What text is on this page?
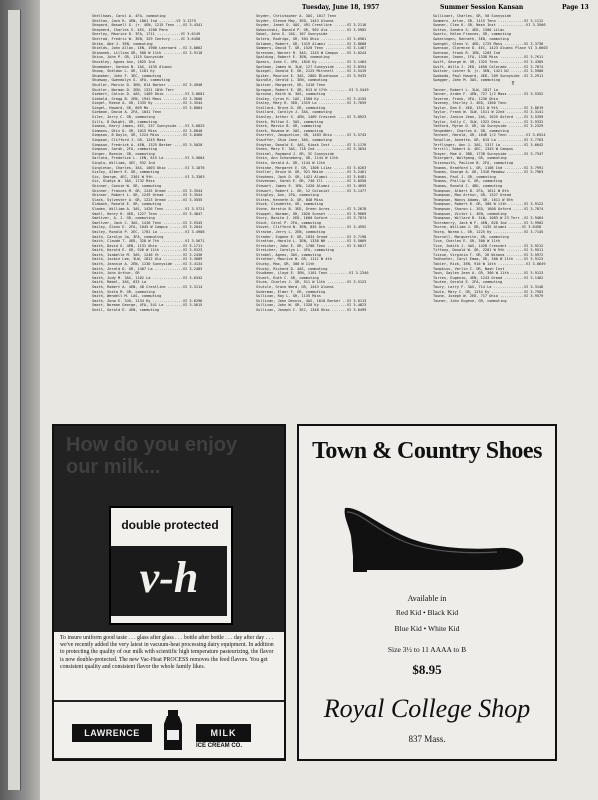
Tuesday, June 18, 1957	Summer Session Kansan	Page 13
Shellhaas, Carol A. 4FA, commuting
Shelton, Jack R. 4EN, 1801 Ind ........VI 3-1275
Shepard, Boswell G. jr. 4EN, 1215 Tenn ...VI 3-4341
Shepherd, Charles S. 4ES, 1200 Penn
Sherley, Maurice D. 3FA, 1711 ...........VI 3-6149
Sherrod, Fredric W. 3EN, 329 Century ....VI 3-6458
Shike, Abe J. 3EN, commuting
Shields, John Allan, 1EN, 1900 Learnard ..VI 3-8062
Shimonek, Lillian GR, 500 W 11th .........VI 3-9110
Shinn, John P. GR, 1115 Sunnyside
Shockley, Agnes Ann, 1825 Ind
Shoemaker, Gordon N. 1AS, 1435 Alumni
Shoop, Sheldon L. GR, 1101 Ky
Shumaker, John F. 3EC, commuting
Shumway, Gwendolyn G. 4FA, commuting
Shutler, Marvin D. 3EN, 814 Barker .......VI 3-4948
Shutler, Norman D. 2EN, 1321 18th Terr
Siebert, Calvin D. 4AS, 1409 Ohio .........VI 3-0601
Siebold, Gregg B. 2EN, 1941 Mass .........VI 3-3608
Siegel, Reese A. GR, 1335 Ky .............VI 3-3544
Siegel, Howard, GR, 609 Mo ...............VI 3-8004
Siekman, David A. 2FA, 1041 Tenn
Siler, Jerry C. GR, commuting
Sills, D Dwight, GR, commuting
Simeon, Harry James, 4EC, 237 Sunnyside ...VI 3-6825
Simmons, Otis D. GR, 1015 Miss ...........VI 3-6840
Simpson, B Doyle, GR, 1224 Miss ..........VI 3-8460
Simpson, Clifford J. GR, 1245 Mass
Simpson, Fredrick A. 4EN, 1325 Barker ....VI 3-5020
Simpson, Sarah, 2FA, commuting
Singer, Bonnie, GR, commuting
Sarlata, Frederick L. 1EN, 815 La .........VI 3-5604
Singla, William, 4EC, 932 Ind
Singleton, Charles, 3AS, 1003 Ohio ........VI 3-1876
Sisley, Albert E. GR, commuting
Six, George, 4EC, 2301 W 9th ..............VI 3-3363
Six, Gladys W. 3AS, 1732 Miss
Skinner, Connie W. GR, commuting
Skinner, Frances M. GR, 1245 Oread .......VI 3-3544
Skinner, Robert L. GR, 1249 Oread ........VI 3-3544
Slack, Sylvester A. GR, 1223 Oread .......VI 3-3555
Slabach, Ronald E. GR, commuting
Sladen, William A. 3AS, 1426 Tenn .........VI 3-5721
Small, Henry H. 4ED, 1227 Tenn ...........VI 3-4847
Smeltzer, A. J. GR, commuting
Smeltzer, Jack C. 3AS, 1416 Tenn .........VI 3-9345
Smiley, Glenn E. 2FA, 1045 W Campus ......VI 3-2044
Smiley, Ronald P. 2EC, 1701 La ............VI 3-4908
Smith, Carolyn Jo, 3FA, commuting
Smith, Claude T. 4ED, 328 W 7th ...........VI 3-5671
Smith, David G. 4EN, 1131 Ohio ...........VI 3-1711
Smith, Harold E. GR, 926 W 11th ..........VI 3-9123
Smith, Isabelle M. 3AS, 1246 Vt ..........VI 3-2436
Smith, Jackie Lee, 3LW, 1812 Ala .........VI 3-3689
Smith, Jeannie A. 2EN, 1130 Sunnyside ....VI 3-4134
Smith, Jerald D. GR, 1407 La .............VI 3-2483
Smith, John Arthur, GR
Smith, Judy M. 3AS, 1102 La ..............VI 3-6342
Smith, Mabel, 3AS, 633 La
Smith, Robert A. 4EN, 48 Crestline .......VI 3-3114
Smith, Vesta M. GR, commuting
Smith, Wendell M. LAS, commuting
Smith, Zona E. 3JO, 1134 Ky ..............VI 3-6296
Smart, Norman George, 4FA, 541 La ........VI 3-5615
Snell, Gerald E. 4EN, commuting
Snyder, Christopher A. 3AS, 1017 Tenn
Snyder, Glenna May, 3ED, 1443 Alumni
Snyder, Janet O. 4AS, 491 Crestline ......VI 3-2116
Sobocinski, Donald P. GR, 902 Ala ........VI 3-5902
Sobel, John G. 2AS, 107 Sunnyside
Solera, Rodrigo, GR, 304 Ohio ............VI 3-6581
Solomon, Robert, GR, 1419 Alumni .........VI 3-8680
Sommers, David T. GR, 1520 Tenn ..........VI 3-1467
Sorensen, Warner H. 3AS, 1245 W Campus ...VI 3-0244
Spalding, Robert E. 3EN, commuting
Spears, John C. 4PA, 1816 Ky .............VI 3-1464
Spelman, James W. 3LW, 127 Sunnyside .....VI 3-8354
Spiegel, Donald E. GR, 2125 Mitchell .....VI 3-5419
Spiker, Maurice E. 3AS, 2002 Bluehouse ...VI 3-9433
Spindle, Gerald L. 3EN, commuting
Spitzer, Margaret, GR, 1410 Tenn
Sprague, Robert E. GR, 613 W 17th .........VI 3-5449
Sprouse, Keith W. 3AS, commuting
Staley, Cyrus H. 1AS, 1500 Ky ............VI 3-4155
Staley, Mary R. 3ED, 1319 La .............VI 3-7659
Stallard, Bryce D. GR, commuting
Stallard, Carolyn J. 3AS, commuting
Stanley, Arthur S. 4EN, 1409 Crescent ....VI 3-8923
Stark, Milton S. 3AS, commuting
Stark, Marvin B. GR, commuting
Stark, Rowena W. 3AS, commuting
Starrett, Jacqueline, GR, 1403 Ohio ......VI 3-5743
Stauffer, Shia Jane, 3AS, commuting
Stayton, Donald E. 4AS, Kiosk Inst .......VI 3-1176
Steen, Mary E. 3AS, 718 Ind ..............VI 3-3834
Steinel, Raymond J. GR, 3C Sunnyside
Stein, Ann Schoneberg, GR, 1144 W 11th
Stein, Gerald A. GR, 1144 W 11th
Steinke, Margaret E. GR, 1306 Lilac ......VI 3-6263
Steller, Bruce W. GR, 921 Maine ..........VI 3-2461
Stephens, Jack D. GR, 1421 Alumni ........VI 3-6481
Stevenson, Sarah E. GR, 740 Ill ..........VI 3-8550
Stewart, James E. 1EN, 1420 Alumni .......VI 3-4655
Stewart, Robert L. GR, 12 Colonial .......VI 3-1477
Stingley, Ann, 2FA, commuting
Stites, Kenneth D. GR, 848 Miss
Stock, Claudette, GR, commuting
Stone, Kerstin B. 3ED, Green Acres .......VI 3-2678
Stoppel, Norman, GR, 1020 Sunset .........VI 3-9669
Story, Bonita J. 2ED, 1600 Oxford ........VI 3-7874
Stout, Carol P. 2FA, commuting
Stover, Clifford N. 3EN, 845 Ark .........VI 3-4592
Stracke, Jerry L. 2EN, commuting
Strader, Eugene E. GR, 1034 Oread ........VI 3-7198
Stratton, Harold L. 3EN, 1338 NH .........VI 3-5069
Streicher, John E. GR, 1708 Tenn .........VI 3-6817
Streicher, Carolyn L. 4FA, commuting
Strobel, Agnes, 3AS, commuting
Strother, Maurice W. GR, 1111 W 4th
Stucky, Max, GR, 300 W 11th
Stucky, Richard D. 4AS, commuting
Studkeen, Lloyd E. 3EN, 1101 Tenn .........VI 3-2346
Stuart, Ruth C. GR, commuting
Sturm, Charles J. GR, 511 W 11th .........VI 3-5123
Stutzle, Grace Ward, GR, 1443 Alumni
Suderman, Elmer F. GR, commuting
Sullivan, Roy L. GR, 1135 Miss
Sullivan, John Dennis, 4AS, 1818 Barker ..VI 3-6113
Sullivan, John W. GR, 1328 Ky ............VI 3-4823
Sullivan, Joseph C. 3EC, 1348 Ohio .......VI 3-6499
Sullivant, Charles, GR, 50 Sunnyside
Summers, Arlen, GR, 1115 Tenn ............VI 3-1112
Sumner, Cleo K. GR, Nash Inst .............VI 3-3566
Sutton, Sandra S. 4ED, 1300 Lilac
Swartz, Helen Frances, GR, commuting
Swearingen, Kenneth, 3ED, commuting
Swengel, Glenn V. 4ED, 1725 Mass .........VI 3-3736
Swenson, Clarence D. 4EC, 1423 Alumni Place VI 3-6603
Swenson, Frank R. 1EN, 1203 Ind
Swenson, Joann, 1FA, 1338 Miss ...........VI 3-7611
Swift, George W. GR, 1325 Tenn ...........VI 3-4385
Swift, Willa J. 2ED, 1650 Colorado .......VI 3-7874
Switzer, Lester B. jr. 3EN, 1421 NJ ......VI 3-5900
Swoboda, Paul Howard, 4ED, 209 Sunnyside .VI 3-2911
Swagger, John M. 3AS, commuting
T
Tanner, Robert L. 3LW, 1817 La
Tanner, Arden F. 4EN, 727 1/2 Mass .......VI 3-5352
Taverne, Frank, 4FA, 1236 Ohio
Taveney, Shirley J. 4ED, 1300 Tenn
Taylor, Dan E. 4ED, 1311 W 9th ...........VI 3-8619
Taylor, Frank W. 3LW, 1511 W 22nd ........VI 3-3141
Taylor, Janice Jean, 2AS, 1625 Oxford ....VI 3-5359
Taylor, Sally C. 3LW, 1322 Ohio ..........VI 3-9332
Tedford, Myron D. GR, 4A Sunnyside .......VI 3-2329
Tengedder, Charles A. GR, commuting
Tennent, Harold, GR, 1646 1/2 Tenn ........VI 3-6524
Tenpllie, Annette, GR, 615 La ............VI 3-7763
Terflinger, Ann J. 3AS, 1317 La ..........VI 3-6642
Terrill, Robert A. 4EC, 1343 W Campus
Thayer, Mae A. 3BD, 1738 Sunnyside .......VI 3-7347
Thiergart, Wolfgang, GR, commuting
Thisenwith, Pauline B. 2FA, commuting
Thomas, Bradford L. GR, 1108 Ind .........VI 3-7991
Thomas, George A. GR, 1316 Meadow ........VI 3-7963
Thomas, Paul J. GR, commuting
Thomas, Phillip S. GR, commuting
Thomas, Ronald C. 4BU, commuting
Thompson, Albert B. 2FA, 1611 W 6th
Thompson, Max Arthur, GR, 1327 Oread
Thompson, Nancy Adams, GR, 1611 W 6th
Thompson, Robert R. GR, 300 W 11th .......VI 3-9122
Thompson, Sharon L. 2ED, 1608 Oxford .....VI 3-7874
Thompson, Victor L. 4EN, commuting
Thompson, Willard B. 3LW, 1083 W 23 Terr .VI 3-9464
Thornberry, Jack W F. 4EN, 828 Ind .......VI 3-9902
Thorne, William J. GR, 1435 Alumni ......VI 3-6458
Thorp, Norma L. GR, 1225 Ky ..............VI 3-7145
Thornell, Marguerite, GR, commuting
Tice, Charles E. GR, 300 W 11th
Tice, Judith J. 4AS, 1428 Crescent .......VI 3-9212
Tiffany, Donald W. GR, 2201 W 9th ........VI 3-9511
Tissue, Virginia T. GR, 26 Winona ........VI 3-5972
Todhunter, Caryl Emma, GR, 300 W 11th ....VI 3-9123
Tobler, Rick, 3EN, 916 W 14th .............VI 3-8649
Tompkins, Verlin C. GR, Nash Inst
Toon, Gaylen Jean A. GR, 300 W 11th ......VI 3-9123
Torres, Eugenio, 4EN, 1243 Oread .........VI 3-1462
Toutee, Gerald E. 2FA, commuting
Towry, Larry F. 3AS, 714 La ..............VI 3-3146
Towle, Mary C. GR, 1234 Ky ...............VI 3-7503
Towne, Joseph W. 2ED, 717 Ohio ...........VI 3-9579
Towner, John Eugene, GR, commuting
How do you enjoy our milk...
double protected
v-h
To insure uniform good taste . . . glass after glass . . . bottle after bottle . . . day after day . . . we've recently added the very latest in vacuum-heat processing dairy equipment. In addition to protecting the quality of our milk with scientific high temperature pasteurizing, the flavor is now double-protected. The new Vac-Heat PROCESS removes the feed flavors. You get consistent quality and consistent flavor the whole family likes.
LAWRENCE	MILK
ICE CREAM CO.
Town & Country Shoes
Available in
Red Kid • Black Kid
Blue Kid • White Kid
Size 3½ to 11 AAAA to B
$8.95
Royal College Shop
837 Mass.
